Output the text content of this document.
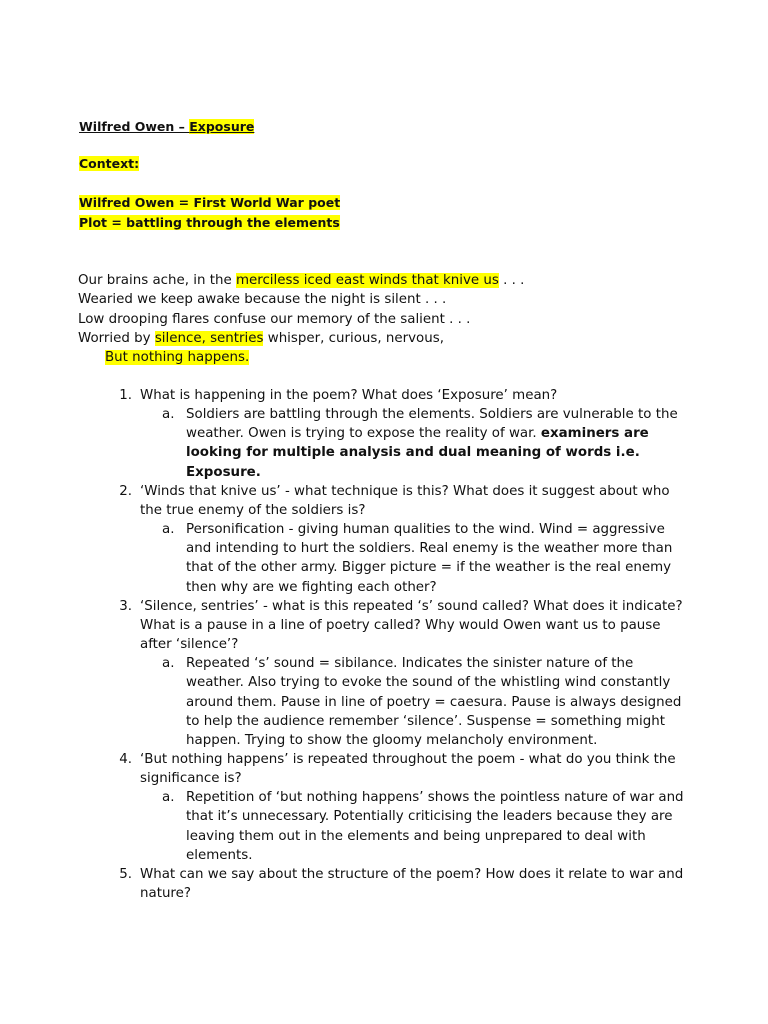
Wilfred Owen – Exposure
Context:
Wilfred Owen = First World War poet
Plot = battling through the elements
Our brains ache, in the merciless iced east winds that knive us . . .
Wearied we keep awake because the night is silent . . .
Low drooping flares confuse our memory of the salient . . .
Worried by silence, sentries whisper, curious, nervous,
But nothing happens.
1. What is happening in the poem? What does ‘Exposure’ mean?
a. Soldiers are battling through the elements. Soldiers are vulnerable to the weather. Owen is trying to expose the reality of war. examiners are looking for multiple analysis and dual meaning of words i.e. Exposure.
2. ‘Winds that knive us’ - what technique is this? What does it suggest about who the true enemy of the soldiers is?
a. Personification - giving human qualities to the wind. Wind = aggressive and intending to hurt the soldiers. Real enemy is the weather more than that of the other army. Bigger picture = if the weather is the real enemy then why are we fighting each other?
3. ‘Silence, sentries’ - what is this repeated ‘s’ sound called? What does it indicate? What is a pause in a line of poetry called? Why would Owen want us to pause after ‘silence’?
a. Repeated ‘s’ sound = sibilance. Indicates the sinister nature of the weather. Also trying to evoke the sound of the whistling wind constantly around them. Pause in line of poetry = caesura. Pause is always designed to help the audience remember ‘silence’. Suspense = something might happen. Trying to show the gloomy melancholy environment.
4. ‘But nothing happens’ is repeated throughout the poem - what do you think the significance is?
a. Repetition of ‘but nothing happens’ shows the pointless nature of war and that it’s unnecessary. Potentially criticising the leaders because they are leaving them out in the elements and being unprepared to deal with elements.
5. What can we say about the structure of the poem? How does it relate to war and nature?
